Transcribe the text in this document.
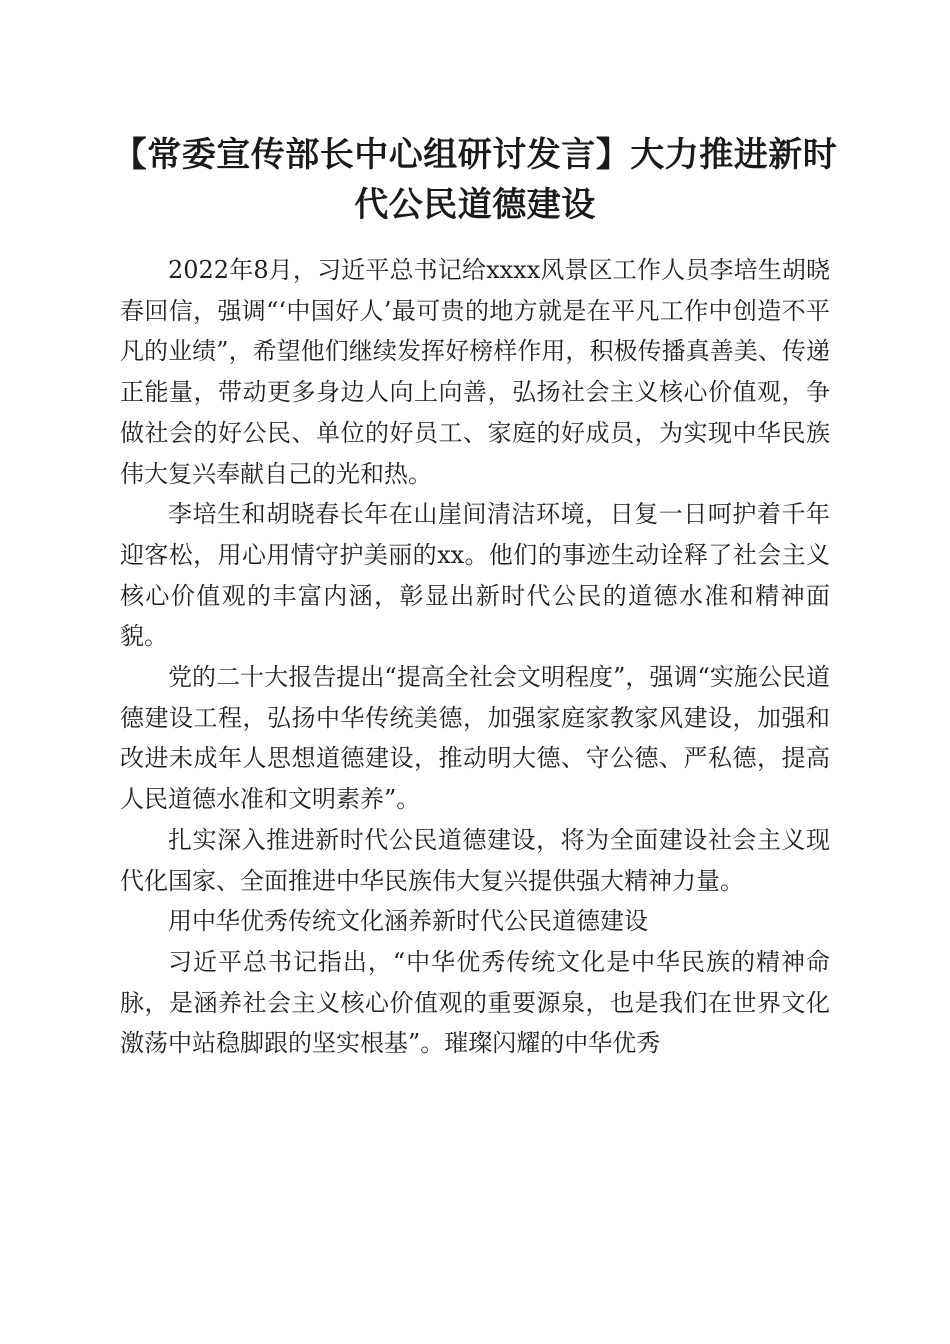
【常委宣传部长中心组研讨发言】大力推进新时代公民道德建设

2022年8月，习近平总书记给xxxx风景区工作人员李培生胡晓春回信，强调“‘中国好人’最可贵的地方就是在平凡工作中创造不平凡的业绩”，希望他们继续发挥好榜样作用，积极传播真善美、传递正能量，带动更多身边人向上向善，弘扬社会主义核心价值观，争做社会的好公民、单位的好员工、家庭的好成员，为实现中华民族伟大复兴奉献自己的光和热。

李培生和胡晓春长年在山崖间清洁环境，日复一日呵护着千年迎客松，用心用情守护美丽的xx。他们的事迹生动诠释了社会主义核心价值观的丰富内涵，彰显出新时代公民的道德水准和精神面貌。

党的二十大报告提出“提高全社会文明程度”，强调“实施公民道德建设工程，弘扬中华传统美德，加强家庭家教家风建设，加强和改进未成年人思想道德建设，推动明大德、守公德、严私德，提高人民道德水准和文明素养”。

扎实深入推进新时代公民道德建设，将为全面建设社会主义现代化国家、全面推进中华民族伟大复兴提供强大精神力量。

用中华优秀传统文化涵养新时代公民道德建设

习近平总书记指出，“中华优秀传统文化是中华民族的精神命脉，是涵养社会主义核心价值观的重要源泉，也是我们在世界文化激荡中站稳脚跟的坚实根基”。璀璨闪耀的中华优秀
